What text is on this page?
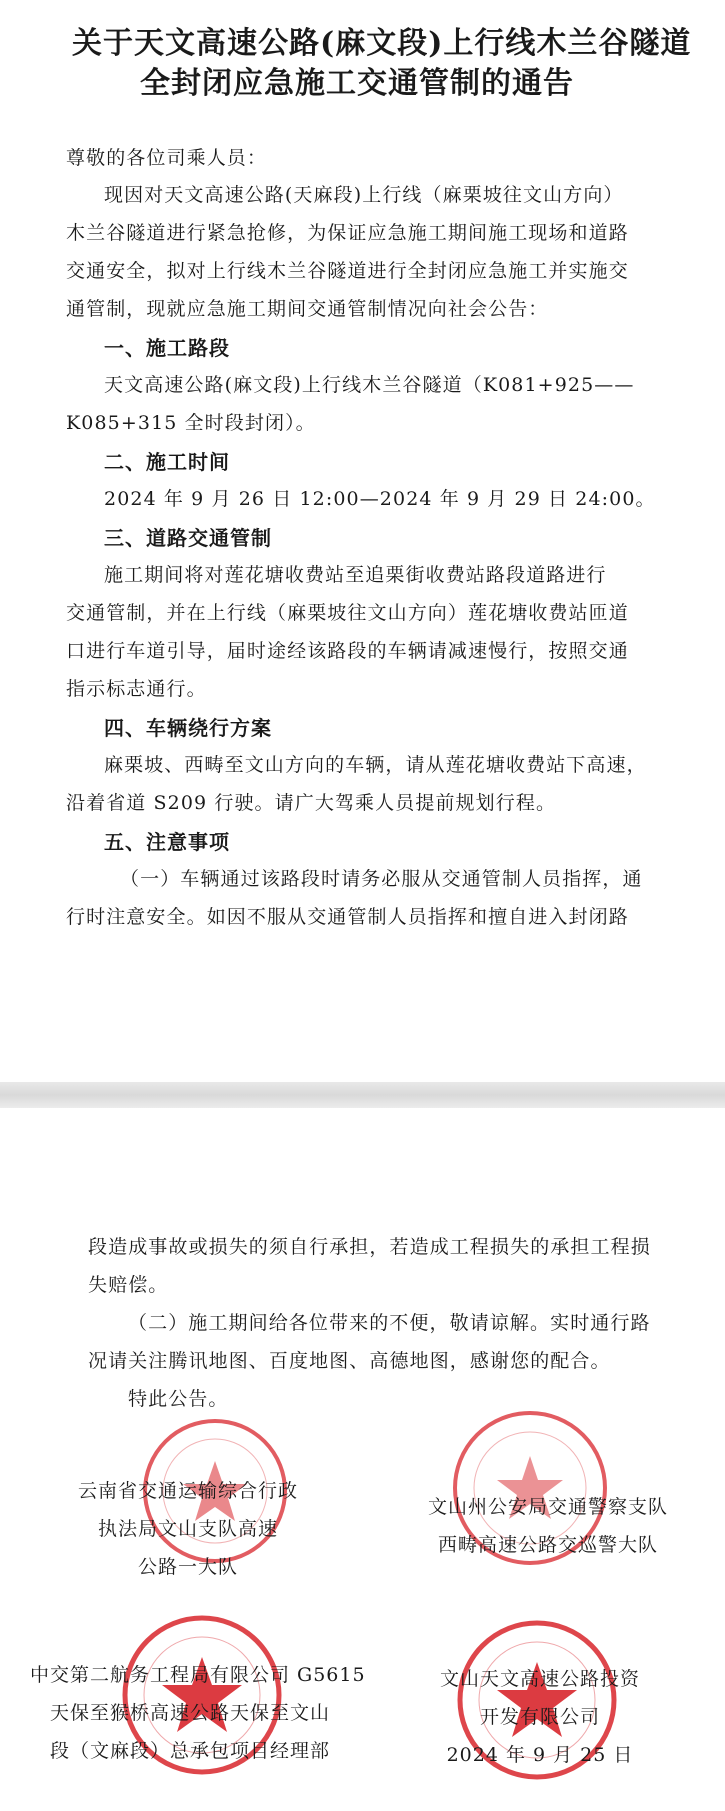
关于天文高速公路(麻文段)上行线木兰谷隧道
全封闭应急施工交通管制的通告
尊敬的各位司乘人员：
现因对天文高速公路(天麻段)上行线（麻栗坡往文山方向）
木兰谷隧道进行紧急抢修，为保证应急施工期间施工现场和道路
交通安全，拟对上行线木兰谷隧道进行全封闭应急施工并实施交
通管制，现就应急施工期间交通管制情况向社会公告：
一、施工路段
天文高速公路(麻文段)上行线木兰谷隧道（K081+925——
K085+315 全时段封闭）。
二、施工时间
2024 年 9 月 26 日 12:00—2024 年 9 月 29 日 24:00。
三、道路交通管制
施工期间将对莲花塘收费站至追栗街收费站路段道路进行
交通管制，并在上行线（麻栗坡往文山方向）莲花塘收费站匝道
口进行车道引导，届时途经该路段的车辆请减速慢行，按照交通
指示标志通行。
四、车辆绕行方案
麻栗坡、西畴至文山方向的车辆，请从莲花塘收费站下高速，
沿着省道 S209 行驶。请广大驾乘人员提前规划行程。
五、注意事项
（一）车辆通过该路段时请务必服从交通管制人员指挥，通
行时注意安全。如因不服从交通管制人员指挥和擅自进入封闭路
段造成事故或损失的须自行承担，若造成工程损失的承担工程损
失赔偿。
（二）施工期间给各位带来的不便，敬请谅解。实时通行路
况请关注腾讯地图、百度地图、高德地图，感谢您的配合。
特此公告。
云南省交通运输综合行政
执法局文山支队高速
公路一大队
文山州公安局交通警察支队
西畴高速公路交巡警大队
中交第二航务工程局有限公司 G5615
天保至猴桥高速公路天保至文山
段（文麻段）总承包项目经理部
文山天文高速公路投资
开发有限公司
2024 年 9 月 25 日
